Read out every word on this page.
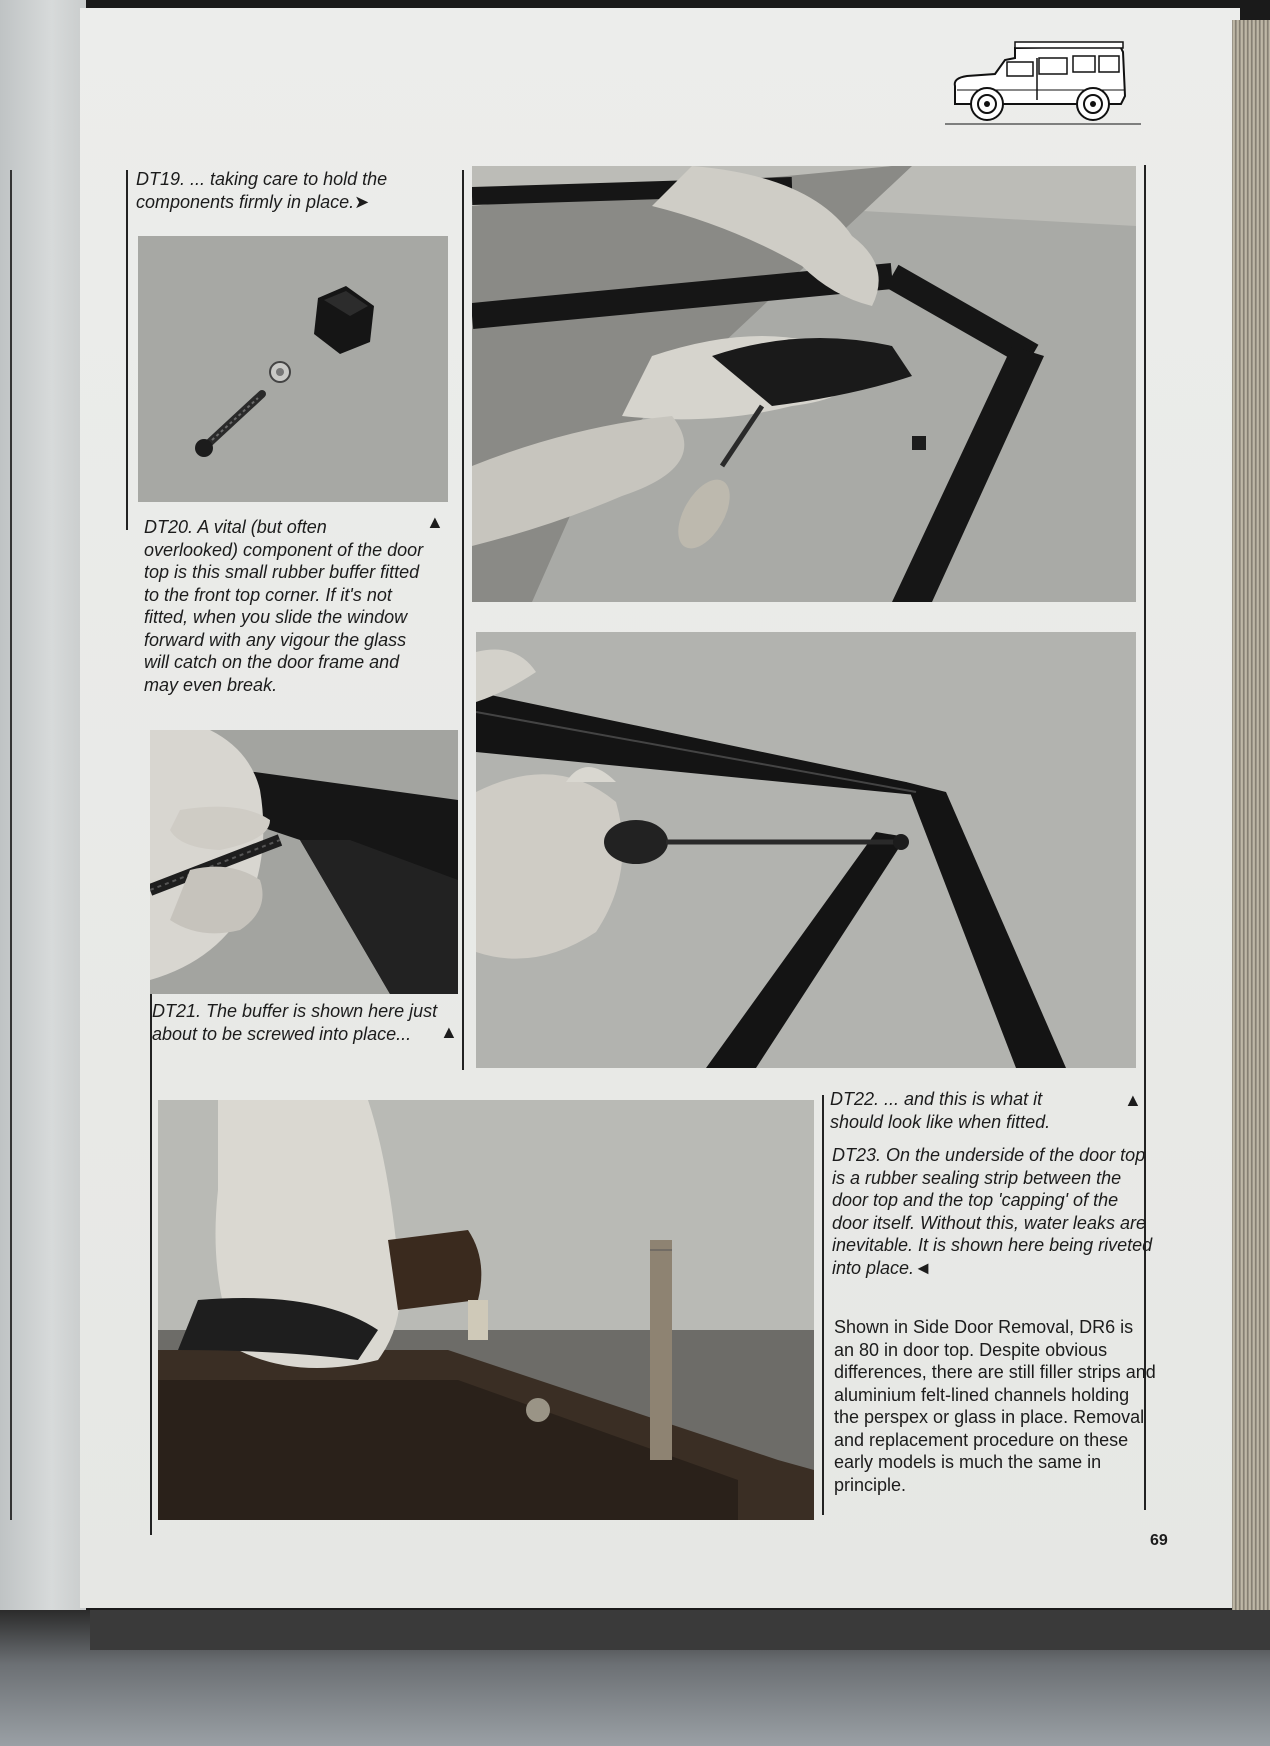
DT19. ... taking care to hold the components firmly in place. ➤
DT20. A vital (but often overlooked) component of the door top is this small rubber buffer fitted to the front top corner. If it's not fitted, when you slide the window forward with any vigour the glass will catch on the door frame and may even break.
▲
DT21. The buffer is shown here just about to be screwed into place...	▲
DT22. ... and this is what it should look like when fitted.
▲
DT23. On the underside of the door top is a rubber sealing strip between the door top and the top 'capping' of the door itself. Without this, water leaks are inevitable. It is shown here being riveted into place. ◄
Shown in Side Door Removal, DR6 is an 80 in door top. Despite obvious differences, there are still filler strips and aluminium felt-lined channels holding the perspex or glass in place. Removal and replacement procedure on these early models is much the same in principle.
69
